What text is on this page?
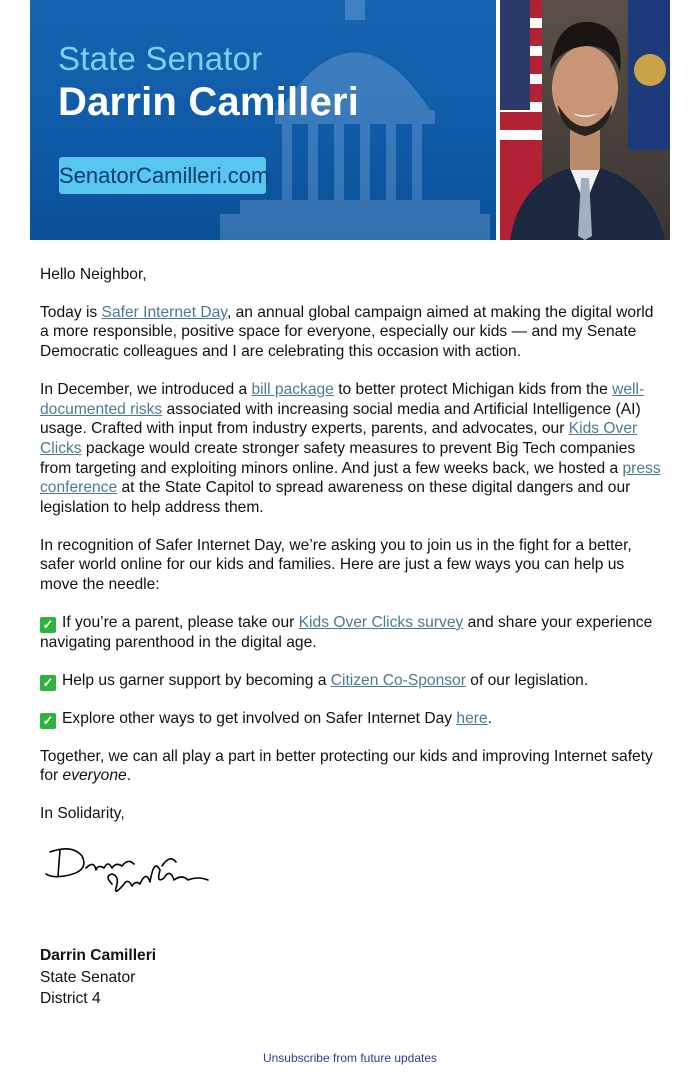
State Senator
Darrin Camilleri
SenatorCamilleri.com

Hello Neighbor,

Today is Safer Internet Day, an annual global campaign aimed at making the digital world a more responsible, positive space for everyone, especially our kids — and my Senate Democratic colleagues and I are celebrating this occasion with action.

In December, we introduced a bill package to better protect Michigan kids from the well-documented risks associated with increasing social media and Artificial Intelligence (AI) usage. Crafted with input from industry experts, parents, and advocates, our Kids Over Clicks package would create stronger safety measures to prevent Big Tech companies from targeting and exploiting minors online. And just a few weeks back, we hosted a press conference at the State Capitol to spread awareness on these digital dangers and our legislation to help address them.

In recognition of Safer Internet Day, we’re asking you to join us in the fight for a better, safer world online for our kids and families. Here are just a few ways you can help us move the needle:

✓ If you’re a parent, please take our Kids Over Clicks survey and share your experience navigating parenthood in the digital age.

✓ Help us garner support by becoming a Citizen Co-Sponsor of our legislation.

✓ Explore other ways to get involved on Safer Internet Day here.

Together, we can all play a part in better protecting our kids and improving Internet safety for everyone.

In Solidarity,

Darrin Camilleri
State Senator
District 4
Unsubscribe from future updates
